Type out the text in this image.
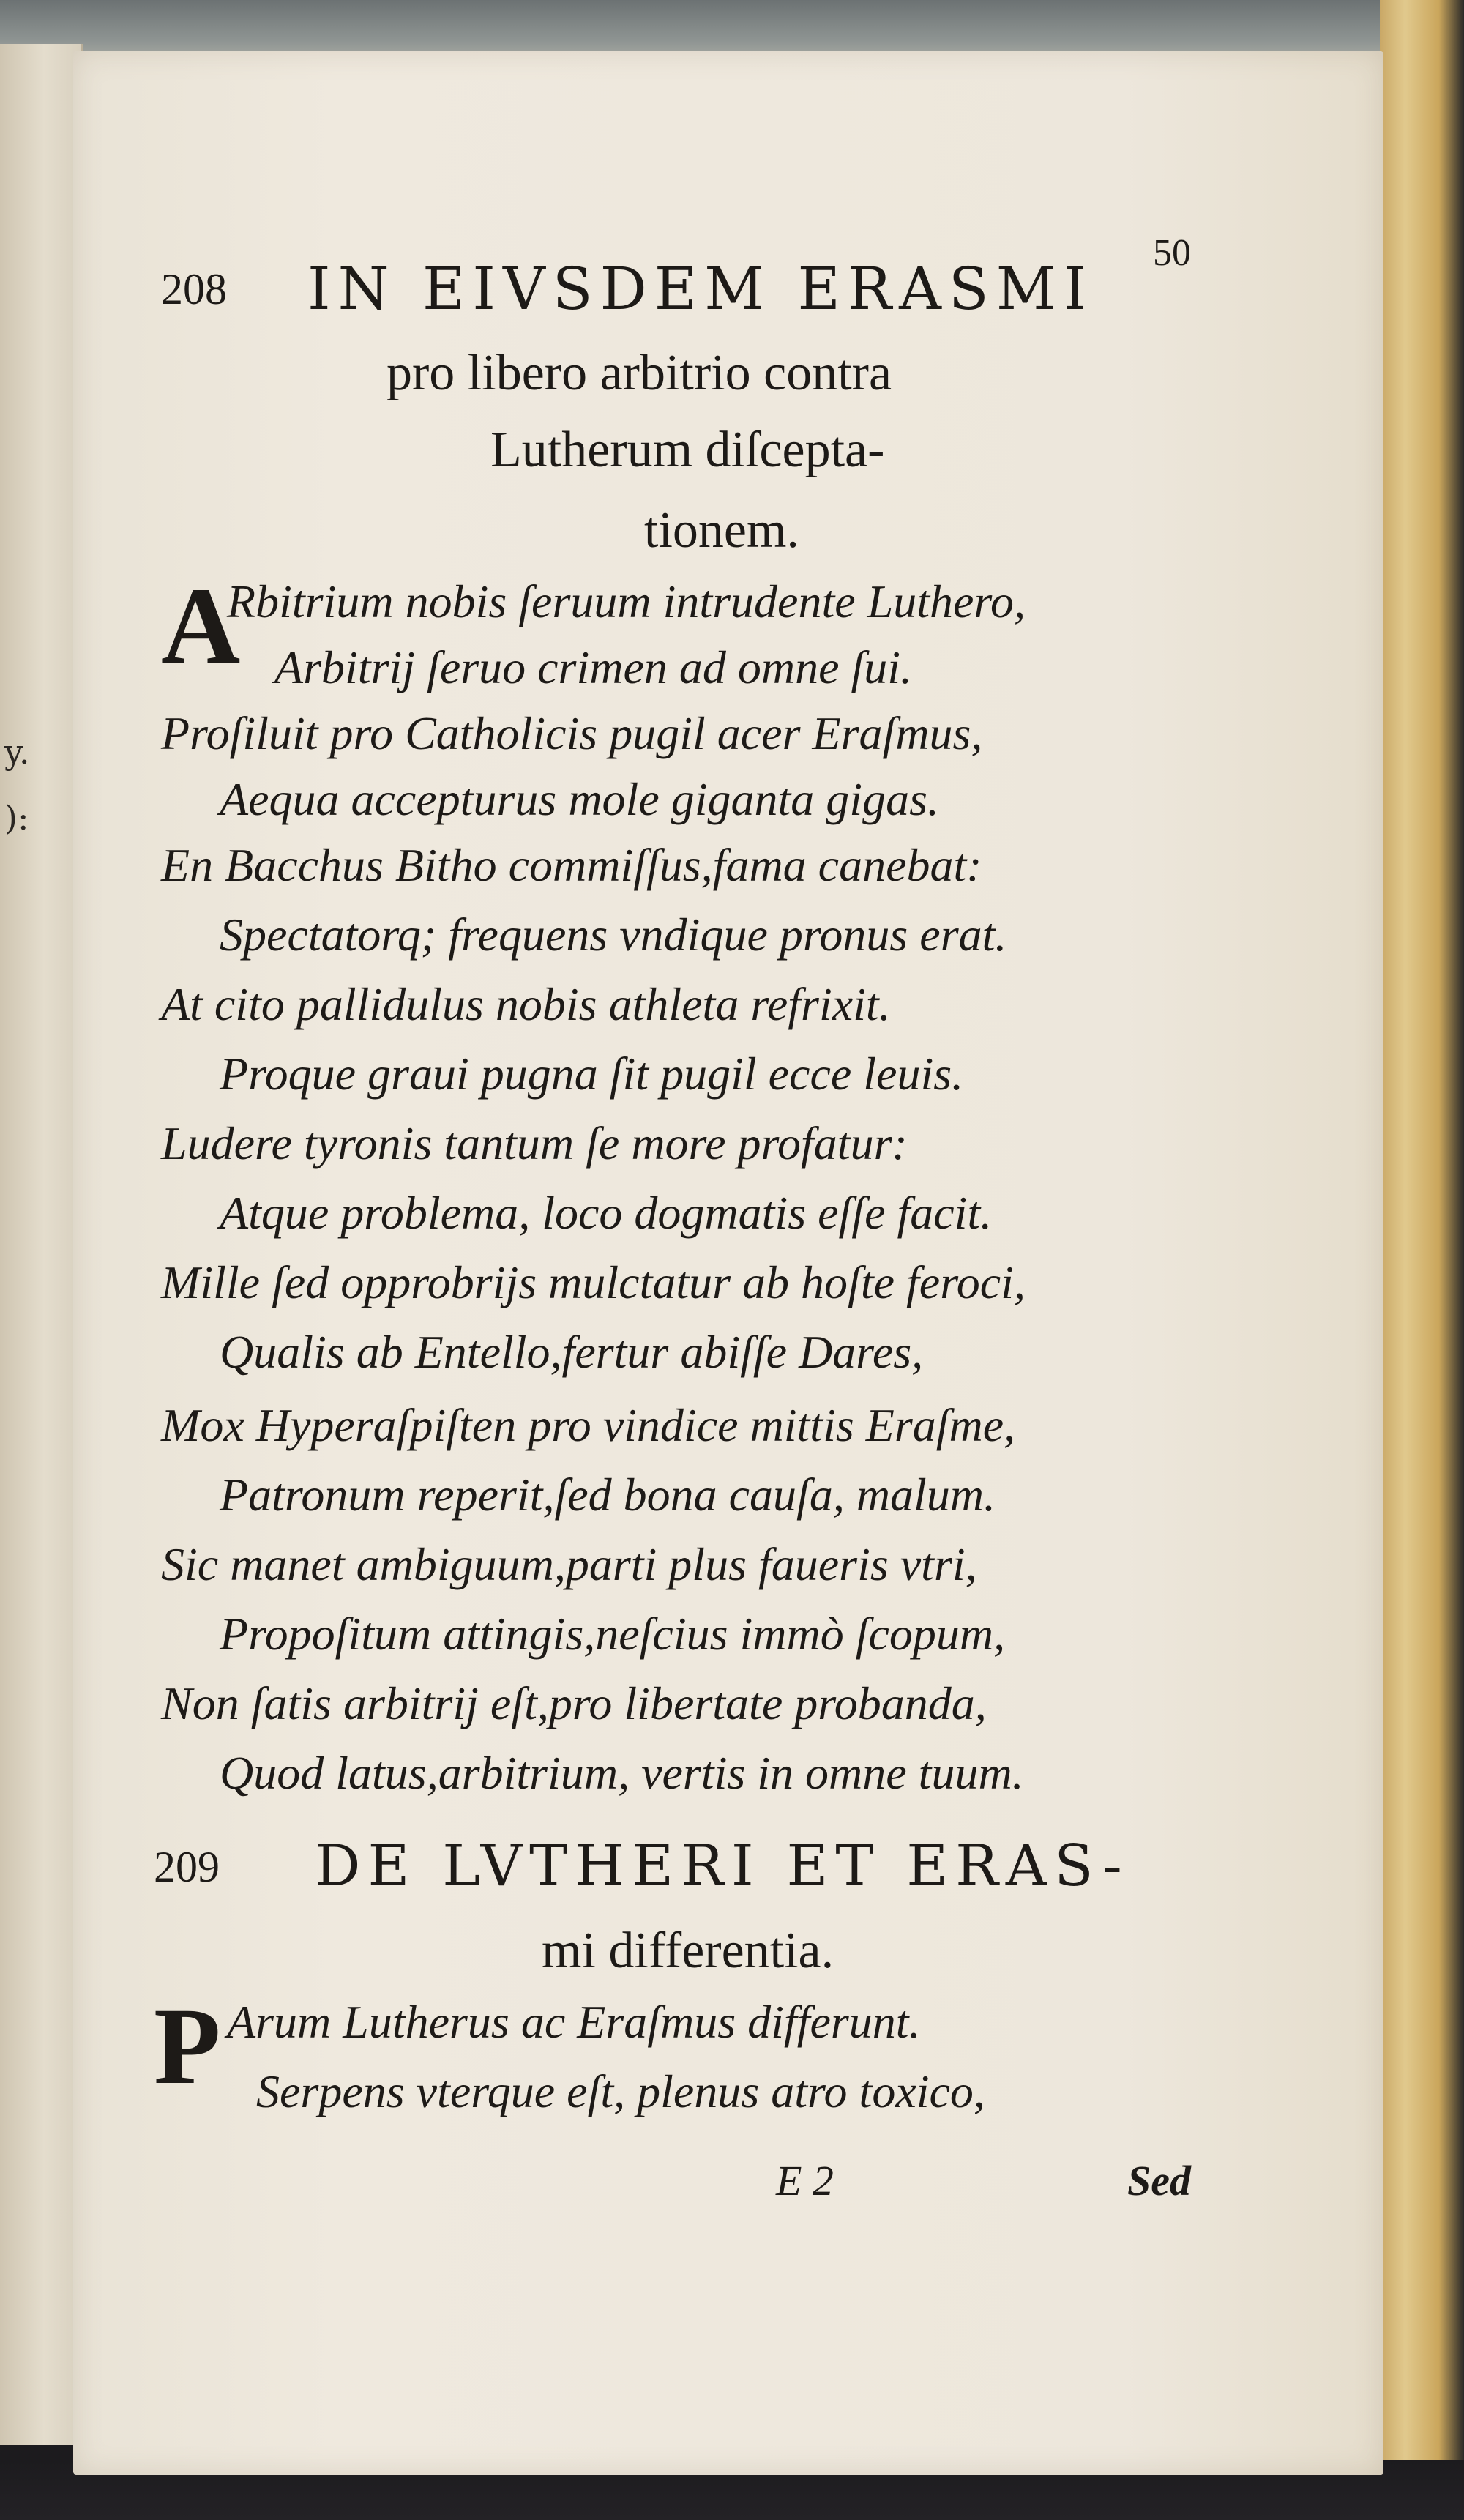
y.
):
208 IN EIVSDEM ERASMI
50
pro libero arbitrio contra
Lutherum diſcepta-
tionem.
A
Rbitrium nobis ſeruum intrudente Luthero,
Arbitrij ſeruo crimen ad omne ſui.
Proſiluit pro Catholicis pugil acer Eraſmus,
Aequa accepturus mole giganta gigas.
En Bacchus Bitho commiſſus,fama canebat:
Spectatorq; frequens vndique pronus erat.
At cito pallidulus nobis athleta refrixit.
Proque graui pugna ſit pugil ecce leuis.
Ludere tyronis tantum ſe more profatur:
Atque problema, loco dogmatis eſſe facit.
Mille ſed opprobrijs mulctatur ab hoſte feroci,
Qualis ab Entello,fertur abiſſe Dares,
Mox Hyperaſpiſten pro vindice mittis Eraſme,
Patronum reperit,ſed bona cauſa, malum.
Sic manet ambiguum,parti plus faueris vtri,
Propoſitum attingis,neſcius immò ſcopum,
Non ſatis arbitrij eſt,pro libertate probanda,
Quod latus,arbitrium, vertis in omne tuum.
209 DE LVTHERI ET ERAS-
mi differentia.
P Arum Lutherus ac Eraſmus differunt.
Serpens vterque eſt, plenus atro toxico,
E 2	Sed
